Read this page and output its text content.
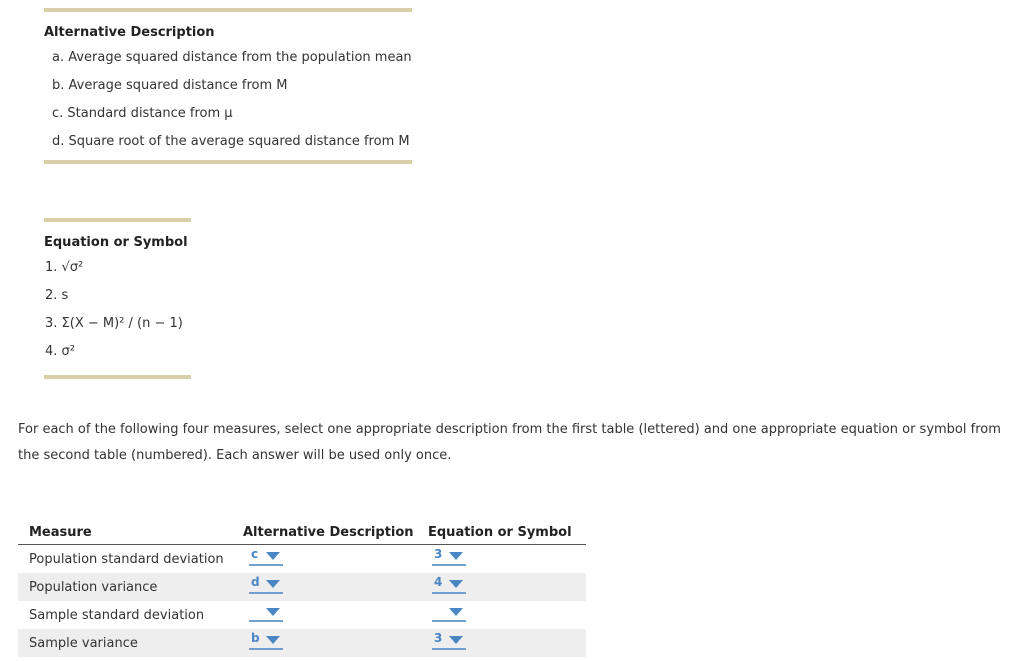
Alternative Description
a. Average squared distance from the population mean
b. Average squared distance from M
c. Standard distance from μ
d. Square root of the average squared distance from M
Equation or Symbol
1. √σ²
2. s
3. Σ(X − M)² / (n − 1)
4. σ²

For each of the following four measures, select one appropriate description from the first table (lettered) and one appropriate equation or symbol from the second table (numbered). Each answer will be used only once.

Measure	Alternative Description	Equation or Symbol
Population standard deviation	c	3

Population variance	d	4

Sample standard deviation	

Sample variance	b	3
